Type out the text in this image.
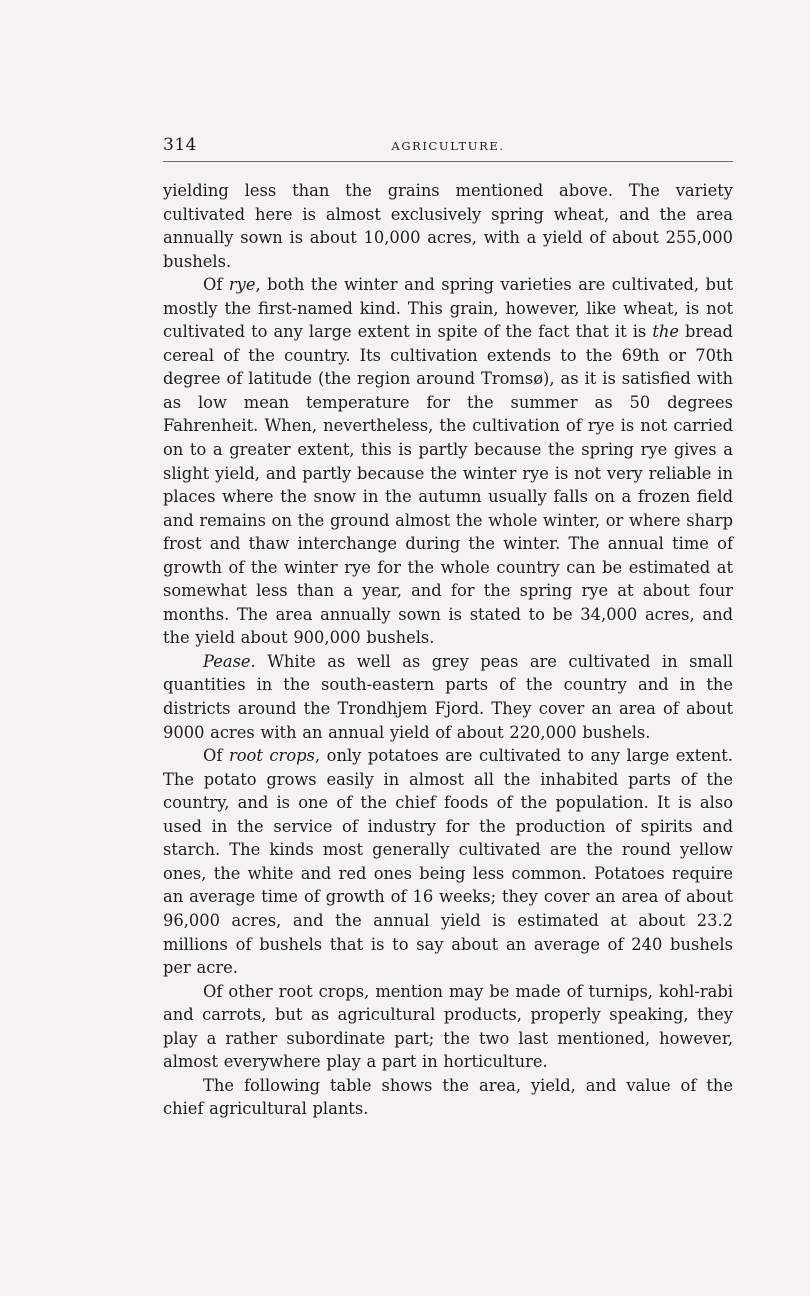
314	AGRICULTURE.

yielding less than the grains mentioned above. The variety cultivated here is almost exclusively spring wheat, and the area annually sown is about 10,000 acres, with a yield of about 255,000 bushels.

Of rye, both the winter and spring varieties are cultivated, but mostly the first-named kind. This grain, however, like wheat, is not cultivated to any large extent in spite of the fact that it is the bread cereal of the country. Its cultivation extends to the 69th or 70th degree of latitude (the region around Tromsø), as it is satisfied with as low mean temperature for the summer as 50 degrees Fahrenheit. When, nevertheless, the cultivation of rye is not carried on to a greater extent, this is partly because the spring rye gives a slight yield, and partly because the winter rye is not very reliable in places where the snow in the autumn usually falls on a frozen field and remains on the ground almost the whole winter, or where sharp frost and thaw interchange during the winter. The annual time of growth of the winter rye for the whole country can be estimated at somewhat less than a year, and for the spring rye at about four months. The area annually sown is stated to be 34,000 acres, and the yield about 900,000 bushels.

Pease. White as well as grey peas are cultivated in small quantities in the south-eastern parts of the country and in the districts around the Trondhjem Fjord. They cover an area of about 9000 acres with an annual yield of about 220,000 bushels.

Of root crops, only potatoes are cultivated to any large extent. The potato grows easily in almost all the inhabited parts of the country, and is one of the chief foods of the population. It is also used in the service of industry for the production of spirits and starch. The kinds most generally cultivated are the round yellow ones, the white and red ones being less common. Potatoes require an average time of growth of 16 weeks; they cover an area of about 96,000 acres, and the annual yield is estimated at about 23.2 millions of bushels that is to say about an average of 240 bushels per acre.

Of other root crops, mention may be made of turnips, kohl-rabi and carrots, but as agricultural products, properly speaking, they play a rather subordinate part; the two last mentioned, however, almost everywhere play a part in horticulture.

The following table shows the area, yield, and value of the chief agricultural plants.
